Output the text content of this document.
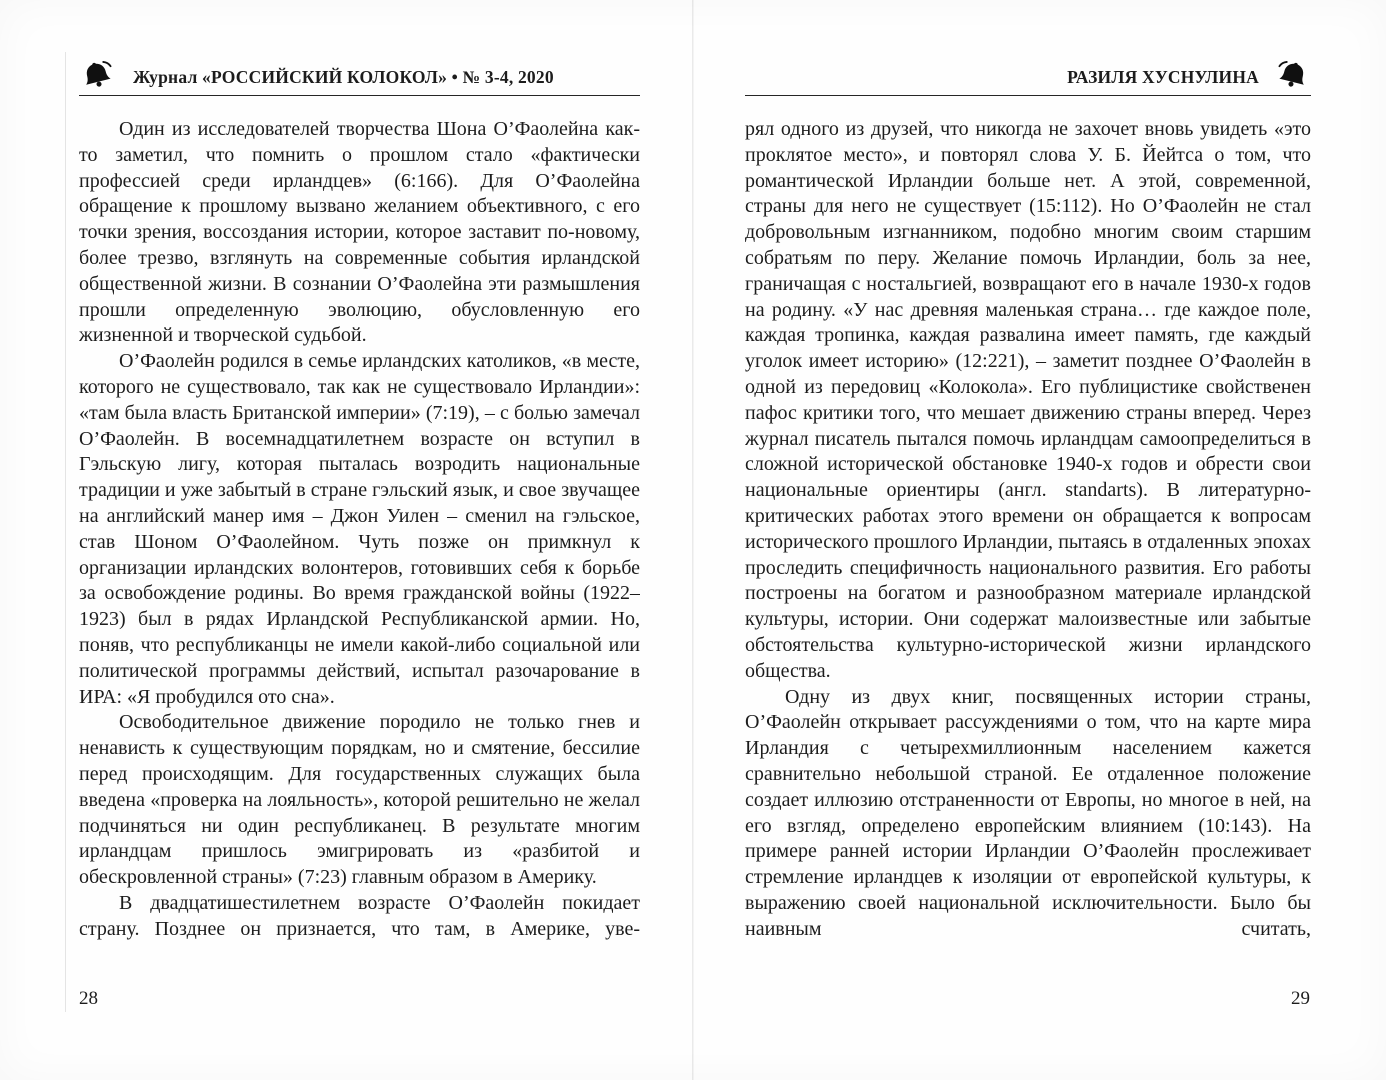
Журнал «РОССИЙСКИЙ КОЛОКОЛ» • № 3-4, 2020

Один из исследователей творчества Шона О’Фаолейна как-то заметил, что помнить о прошлом стало «фактически профессией среди ирландцев» (6:166). Для О’Фаолейна обращение к прошлому вызвано желанием объективного, с его точки зрения, воссоздания истории, которое заставит по-новому, более трезво, взглянуть на современные события ирландской общественной жизни. В сознании О’Фаолейна эти размышления прошли определенную эволюцию, обусловленную его жизненной и творческой судьбой.

О’Фаолейн родился в семье ирландских католиков, «в месте, которого не существовало, так как не существовало Ирландии»: «там была власть Британской империи» (7:19), – с болью замечал О’Фаолейн. В восемнадцатилетнем возрасте он вступил в Гэльскую лигу, которая пыталась возродить национальные традиции и уже забытый в стране гэльский язык, и свое звучащее на английский манер имя – Джон Уилен – сменил на гэльское, став Шоном О’Фаолейном. Чуть позже он примкнул к организации ирландских волонтеров, готовивших себя к борьбе за освобождение родины. Во время гражданской войны (1922–1923) был в рядах Ирландской Республиканской армии. Но, поняв, что республиканцы не имели какой-либо социальной или политической программы действий, испытал разочарование в ИРА: «Я пробудился ото сна».

Освободительное движение породило не только гнев и ненависть к существующим порядкам, но и смятение, бессилие перед происходящим. Для государственных служащих была введена «проверка на лояльность», которой решительно не желал подчиняться ни один республиканец. В результате многим ирландцам пришлось эмигрировать из «разбитой и обескровленной страны» (7:23) главным образом в Америку.

В двадцатишестилетнем возрасте О’Фаолейн покидает страну. Позднее он признается, что там, в Америке, уве-

28
РАЗИЛЯ ХУСНУЛИНА

рял одного из друзей, что никогда не захочет вновь увидеть «это проклятое место», и повторял слова У. Б. Йейтса о том, что романтической Ирландии больше нет. А этой, современной, страны для него не существует (15:112). Но О’Фаолейн не стал добровольным изгнанником, подобно многим своим старшим собратьям по перу. Желание помочь Ирландии, боль за нее, граничащая с ностальгией, возвращают его в начале 1930-х годов на родину. «У нас древняя маленькая страна… где каждое поле, каждая тропинка, каждая развалина имеет память, где каждый уголок имеет историю» (12:221), – заметит позднее О’Фаолейн в одной из передовиц «Колокола». Его публицистике свойственен пафос критики того, что мешает движению страны вперед. Через журнал писатель пытался помочь ирландцам самоопределиться в сложной исторической обстановке 1940-х годов и обрести свои национальные ориентиры (англ. standarts). В литературно-критических работах этого времени он обращается к вопросам исторического прошлого Ирландии, пытаясь в отдаленных эпохах проследить специфичность национального развития. Его работы построены на богатом и разнообразном материале ирландской культуры, истории. Они содержат малоизвестные или забытые обстоятельства культурно-исторической жизни ирландского общества.

Одну из двух книг, посвященных истории страны, О’Фаолейн открывает рассуждениями о том, что на карте мира Ирландия с четырехмиллионным населением кажется сравнительно небольшой страной. Ее отдаленное положение создает иллюзию отстраненности от Европы, но многое в ней, на его взгляд, определено европейским влиянием (10:143). На примере ранней истории Ирландии О’Фаолейн прослеживает стремление ирландцев к изоляции от европейской культуры, к выражению своей национальной исключительности. Было бы наивным считать,

29
